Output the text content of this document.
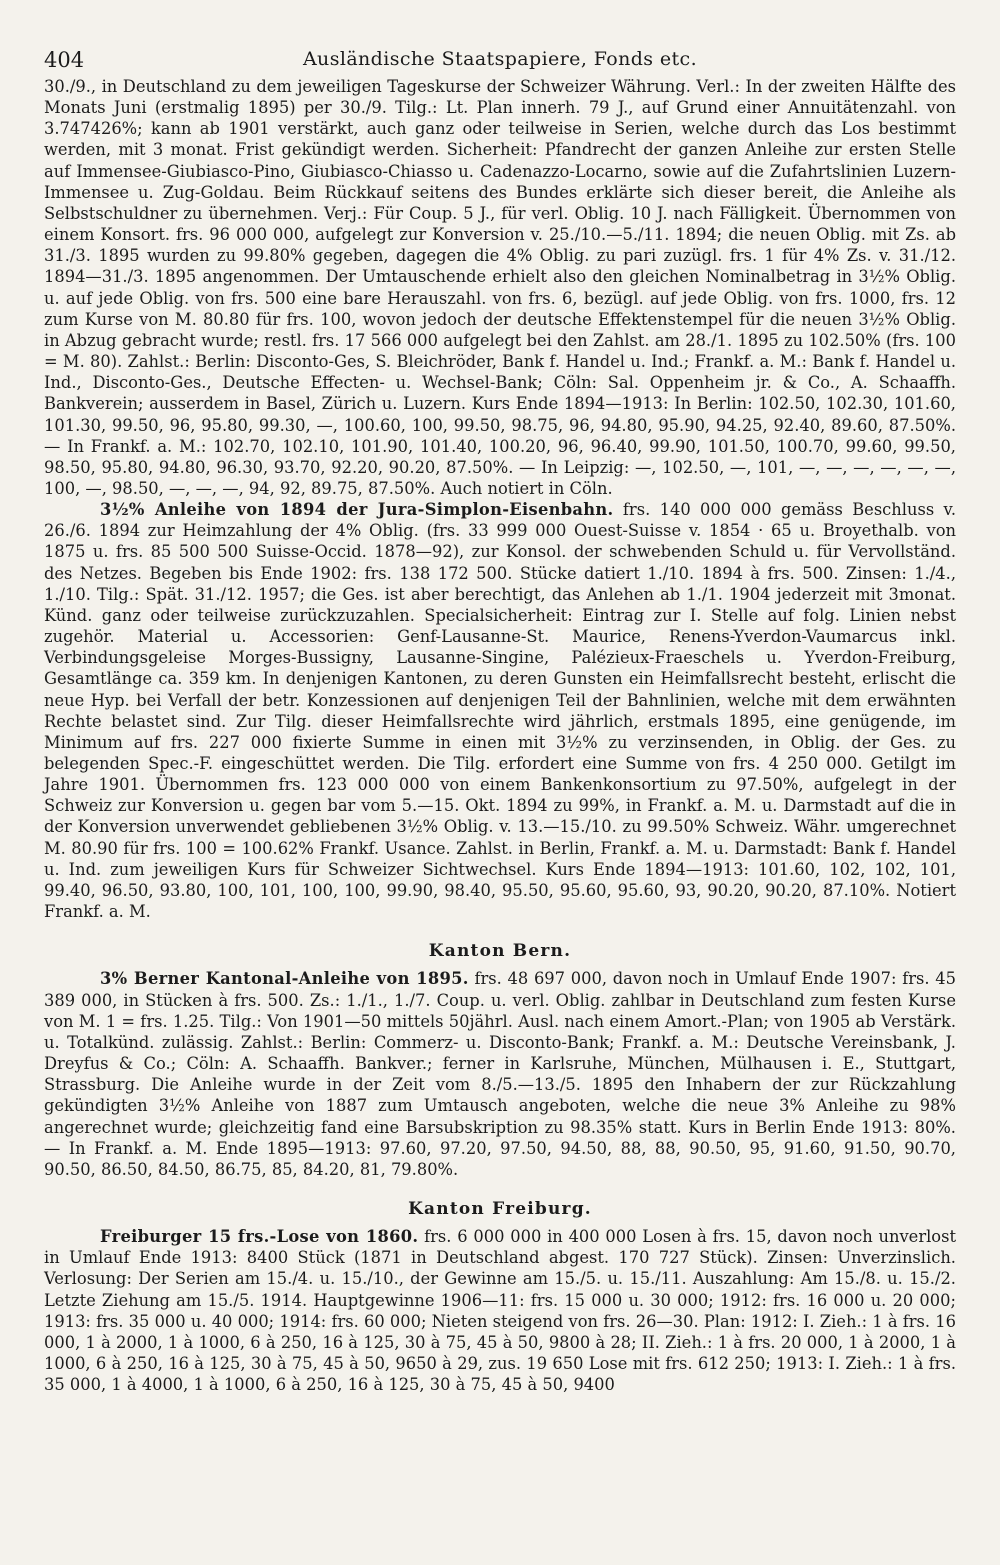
404	Ausländische Staatspapiere, Fonds etc.

30./9., in Deutschland zu dem jeweiligen Tageskurse der Schweizer Währung. Verl.: In der zweiten Hälfte des Monats Juni (erstmalig 1895) per 30./9. Tilg.: Lt. Plan innerh. 79 J., auf Grund einer Annuitätenzahl. von 3.747426%; kann ab 1901 verstärkt, auch ganz oder teilweise in Serien, welche durch das Los bestimmt werden, mit 3 monat. Frist gekündigt werden. Sicherheit: Pfandrecht der ganzen Anleihe zur ersten Stelle auf Immensee-Giubiasco-Pino, Giubiasco-Chiasso u. Cadenazzo-Locarno, sowie auf die Zufahrtslinien Luzern-Immensee u. Zug-Goldau. Beim Rückkauf seitens des Bundes erklärte sich dieser bereit, die Anleihe als Selbstschuldner zu übernehmen. Verj.: Für Coup. 5 J., für verl. Oblig. 10 J. nach Fälligkeit. Übernommen von einem Konsort. frs. 96 000 000, aufgelegt zur Konversion v. 25./10.—5./11. 1894; die neuen Oblig. mit Zs. ab 31./3. 1895 wurden zu 99.80% gegeben, dagegen die 4% Oblig. zu pari zuzügl. frs. 1 für 4% Zs. v. 31./12. 1894—31./3. 1895 angenommen. Der Umtauschende erhielt also den gleichen Nominalbetrag in 3½% Oblig. u. auf jede Oblig. von frs. 500 eine bare Herauszahl. von frs. 6, bezügl. auf jede Oblig. von frs. 1000, frs. 12 zum Kurse von M. 80.80 für frs. 100, wovon jedoch der deutsche Effektenstempel für die neuen 3½% Oblig. in Abzug gebracht wurde; restl. frs. 17 566 000 aufgelegt bei den Zahlst. am 28./1. 1895 zu 102.50% (frs. 100 = M. 80). Zahlst.: Berlin: Disconto-Ges, S. Bleichröder, Bank f. Handel u. Ind.; Frankf. a. M.: Bank f. Handel u. Ind., Disconto-Ges., Deutsche Effecten- u. Wechsel-Bank; Cöln: Sal. Oppenheim jr. & Co., A. Schaaffh. Bankverein; ausserdem in Basel, Zürich u. Luzern. Kurs Ende 1894—1913: In Berlin: 102.50, 102.30, 101.60, 101.30, 99.50, 96, 95.80, 99.30, —, 100.60, 100, 99.50, 98.75, 96, 94.80, 95.90, 94.25, 92.40, 89.60, 87.50%. — In Frankf. a. M.: 102.70, 102.10, 101.90, 101.40, 100.20, 96, 96.40, 99.90, 101.50, 100.70, 99.60, 99.50, 98.50, 95.80, 94.80, 96.30, 93.70, 92.20, 90.20, 87.50%. — In Leipzig: —, 102.50, —, 101, —, —, —, —, —, —, 100, —, 98.50, —, —, —, 94, 92, 89.75, 87.50%. Auch notiert in Cöln.

3½% Anleihe von 1894 der Jura-Simplon-Eisenbahn. frs. 140 000 000 gemäss Beschluss v. 26./6. 1894 zur Heimzahlung der 4% Oblig. (frs. 33 999 000 Ouest-Suisse v. 1854 · 65 u. Broyethalb. von 1875 u. frs. 85 500 500 Suisse-Occid. 1878—92), zur Konsol. der schwebenden Schuld u. für Vervollständ. des Netzes. Begeben bis Ende 1902: frs. 138 172 500. Stücke datiert 1./10. 1894 à frs. 500. Zinsen: 1./4., 1./10. Tilg.: Spät. 31./12. 1957; die Ges. ist aber berechtigt, das Anlehen ab 1./1. 1904 jederzeit mit 3monat. Künd. ganz oder teilweise zurückzuzahlen. Specialsicherheit: Eintrag zur I. Stelle auf folg. Linien nebst zugehör. Material u. Accessorien: Genf-Lausanne-St. Maurice, Renens-Yverdon-Vaumarcus inkl. Verbindungsgeleise Morges-Bussigny, Lausanne-Singine, Palézieux-Fraeschels u. Yverdon-Freiburg, Gesamtlänge ca. 359 km. In denjenigen Kantonen, zu deren Gunsten ein Heimfallsrecht besteht, erlischt die neue Hyp. bei Verfall der betr. Konzessionen auf denjenigen Teil der Bahnlinien, welche mit dem erwähnten Rechte belastet sind. Zur Tilg. dieser Heimfallsrechte wird jährlich, erstmals 1895, eine genügende, im Minimum auf frs. 227 000 fixierte Summe in einen mit 3½% zu verzinsenden, in Oblig. der Ges. zu belegenden Spec.-F. eingeschüttet werden. Die Tilg. erfordert eine Summe von frs. 4 250 000. Getilgt im Jahre 1901. Übernommen frs. 123 000 000 von einem Bankenkonsortium zu 97.50%, aufgelegt in der Schweiz zur Konversion u. gegen bar vom 5.—15. Okt. 1894 zu 99%, in Frankf. a. M. u. Darmstadt auf die in der Konversion unverwendet gebliebenen 3½% Oblig. v. 13.—15./10. zu 99.50% Schweiz. Währ. umgerechnet M. 80.90 für frs. 100 = 100.62% Frankf. Usance. Zahlst. in Berlin, Frankf. a. M. u. Darmstadt: Bank f. Handel u. Ind. zum jeweiligen Kurs für Schweizer Sichtwechsel. Kurs Ende 1894—1913: 101.60, 102, 102, 101, 99.40, 96.50, 93.80, 100, 101, 100, 100, 99.90, 98.40, 95.50, 95.60, 95.60, 93, 90.20, 90.20, 87.10%. Notiert Frankf. a. M.

Kanton Bern.

3% Berner Kantonal-Anleihe von 1895. frs. 48 697 000, davon noch in Umlauf Ende 1907: frs. 45 389 000, in Stücken à frs. 500. Zs.: 1./1., 1./7. Coup. u. verl. Oblig. zahlbar in Deutschland zum festen Kurse von M. 1 = frs. 1.25. Tilg.: Von 1901—50 mittels 50jährl. Ausl. nach einem Amort.-Plan; von 1905 ab Verstärk. u. Totalkünd. zulässig. Zahlst.: Berlin: Commerz- u. Disconto-Bank; Frankf. a. M.: Deutsche Vereinsbank, J. Dreyfus & Co.; Cöln: A. Schaaffh. Bankver.; ferner in Karlsruhe, München, Mülhausen i. E., Stuttgart, Strassburg. Die Anleihe wurde in der Zeit vom 8./5.—13./5. 1895 den Inhabern der zur Rückzahlung gekündigten 3½% Anleihe von 1887 zum Umtausch angeboten, welche die neue 3% Anleihe zu 98% angerechnet wurde; gleichzeitig fand eine Barsubskription zu 98.35% statt. Kurs in Berlin Ende 1913: 80%. — In Frankf. a. M. Ende 1895—1913: 97.60, 97.20, 97.50, 94.50, 88, 88, 90.50, 95, 91.60, 91.50, 90.70, 90.50, 86.50, 84.50, 86.75, 85, 84.20, 81, 79.80%.

Kanton Freiburg.

Freiburger 15 frs.-Lose von 1860. frs. 6 000 000 in 400 000 Losen à frs. 15, davon noch unverlost in Umlauf Ende 1913: 8400 Stück (1871 in Deutschland abgest. 170 727 Stück). Zinsen: Unverzinslich. Verlosung: Der Serien am 15./4. u. 15./10., der Gewinne am 15./5. u. 15./11. Auszahlung: Am 15./8. u. 15./2. Letzte Ziehung am 15./5. 1914. Hauptgewinne 1906—11: frs. 15 000 u. 30 000; 1912: frs. 16 000 u. 20 000; 1913: frs. 35 000 u. 40 000; 1914: frs. 60 000; Nieten steigend von frs. 26—30. Plan: 1912: I. Zieh.: 1 à frs. 16 000, 1 à 2000, 1 à 1000, 6 à 250, 16 à 125, 30 à 75, 45 à 50, 9800 à 28; II. Zieh.: 1 à frs. 20 000, 1 à 2000, 1 à 1000, 6 à 250, 16 à 125, 30 à 75, 45 à 50, 9650 à 29, zus. 19 650 Lose mit frs. 612 250; 1913: I. Zieh.: 1 à frs. 35 000, 1 à 4000, 1 à 1000, 6 à 250, 16 à 125, 30 à 75, 45 à 50, 9400
